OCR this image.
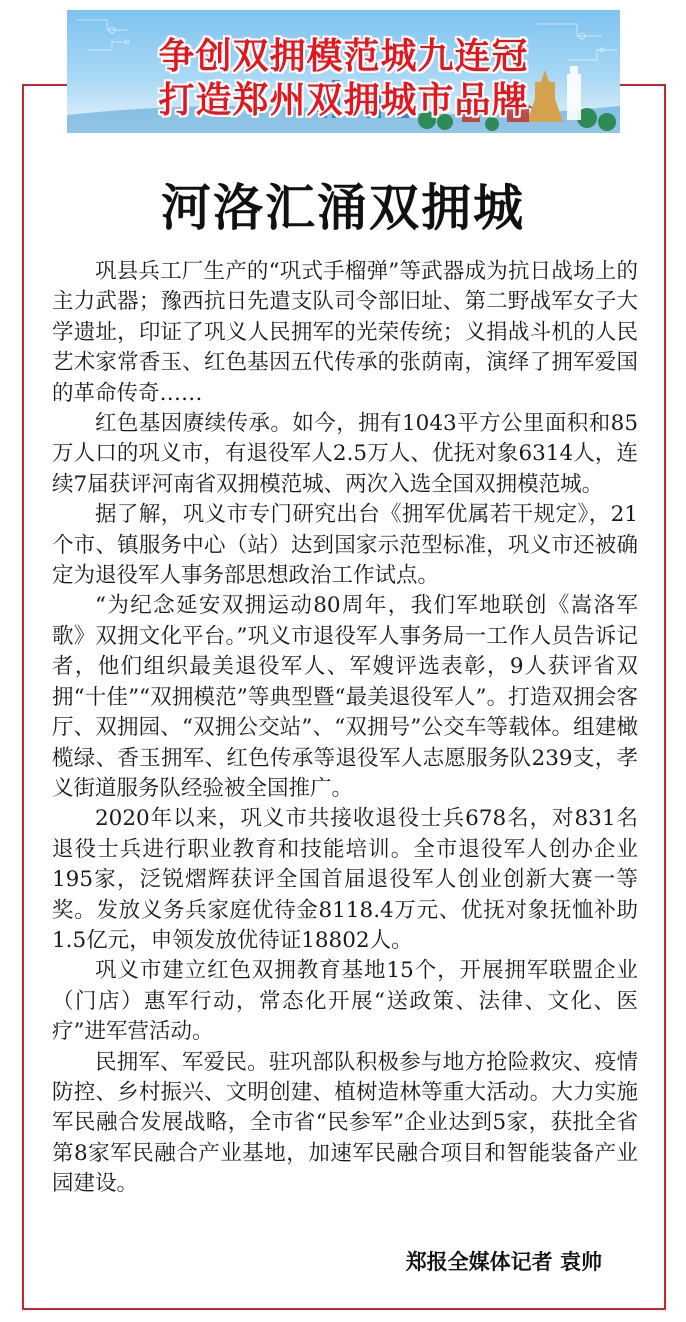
争创双拥模范城九连冠
打造郑州双拥城市品牌
河洛汇涌双拥城

巩县兵工厂生产的“巩式手榴弹”等武器成为抗日战场上的主力武器；豫西抗日先遣支队司令部旧址、第二野战军女子大学遗址，印证了巩义人民拥军的光荣传统；义捐战斗机的人民艺术家常香玉、红色基因五代传承的张荫南，演绎了拥军爱国的革命传奇……

红色基因赓续传承。如今，拥有1043平方公里面积和85万人口的巩义市，有退役军人2.5万人、优抚对象6314人，连续7届获评河南省双拥模范城、两次入选全国双拥模范城。

据了解，巩义市专门研究出台《拥军优属若干规定》，21个市、镇服务中心（站）达到国家示范型标准，巩义市还被确定为退役军人事务部思想政治工作试点。

“为纪念延安双拥运动80周年，我们军地联创《嵩洛军歌》双拥文化平台。”巩义市退役军人事务局一工作人员告诉记者，他们组织最美退役军人、军嫂评选表彰，9人获评省双拥“十佳”“双拥模范”等典型暨“最美退役军人”。打造双拥会客厅、双拥园、“双拥公交站”、“双拥号”公交车等载体。组建橄榄绿、香玉拥军、红色传承等退役军人志愿服务队239支，孝义街道服务队经验被全国推广。

2020年以来，巩义市共接收退役士兵678名，对831名退役士兵进行职业教育和技能培训。全市退役军人创办企业195家，泛锐熠辉获评全国首届退役军人创业创新大赛一等奖。发放义务兵家庭优待金8118.4万元、优抚对象抚恤补助1.5亿元，申领发放优待证18802人。

巩义市建立红色双拥教育基地15个，开展拥军联盟企业（门店）惠军行动，常态化开展“送政策、法律、文化、医疗”进军营活动。

民拥军、军爱民。驻巩部队积极参与地方抢险救灾、疫情防控、乡村振兴、文明创建、植树造林等重大活动。大力实施军民融合发展战略，全市省“民参军”企业达到5家，获批全省第8家军民融合产业基地，加速军民融合项目和智能装备产业园建设。

郑报全媒体记者 袁帅
